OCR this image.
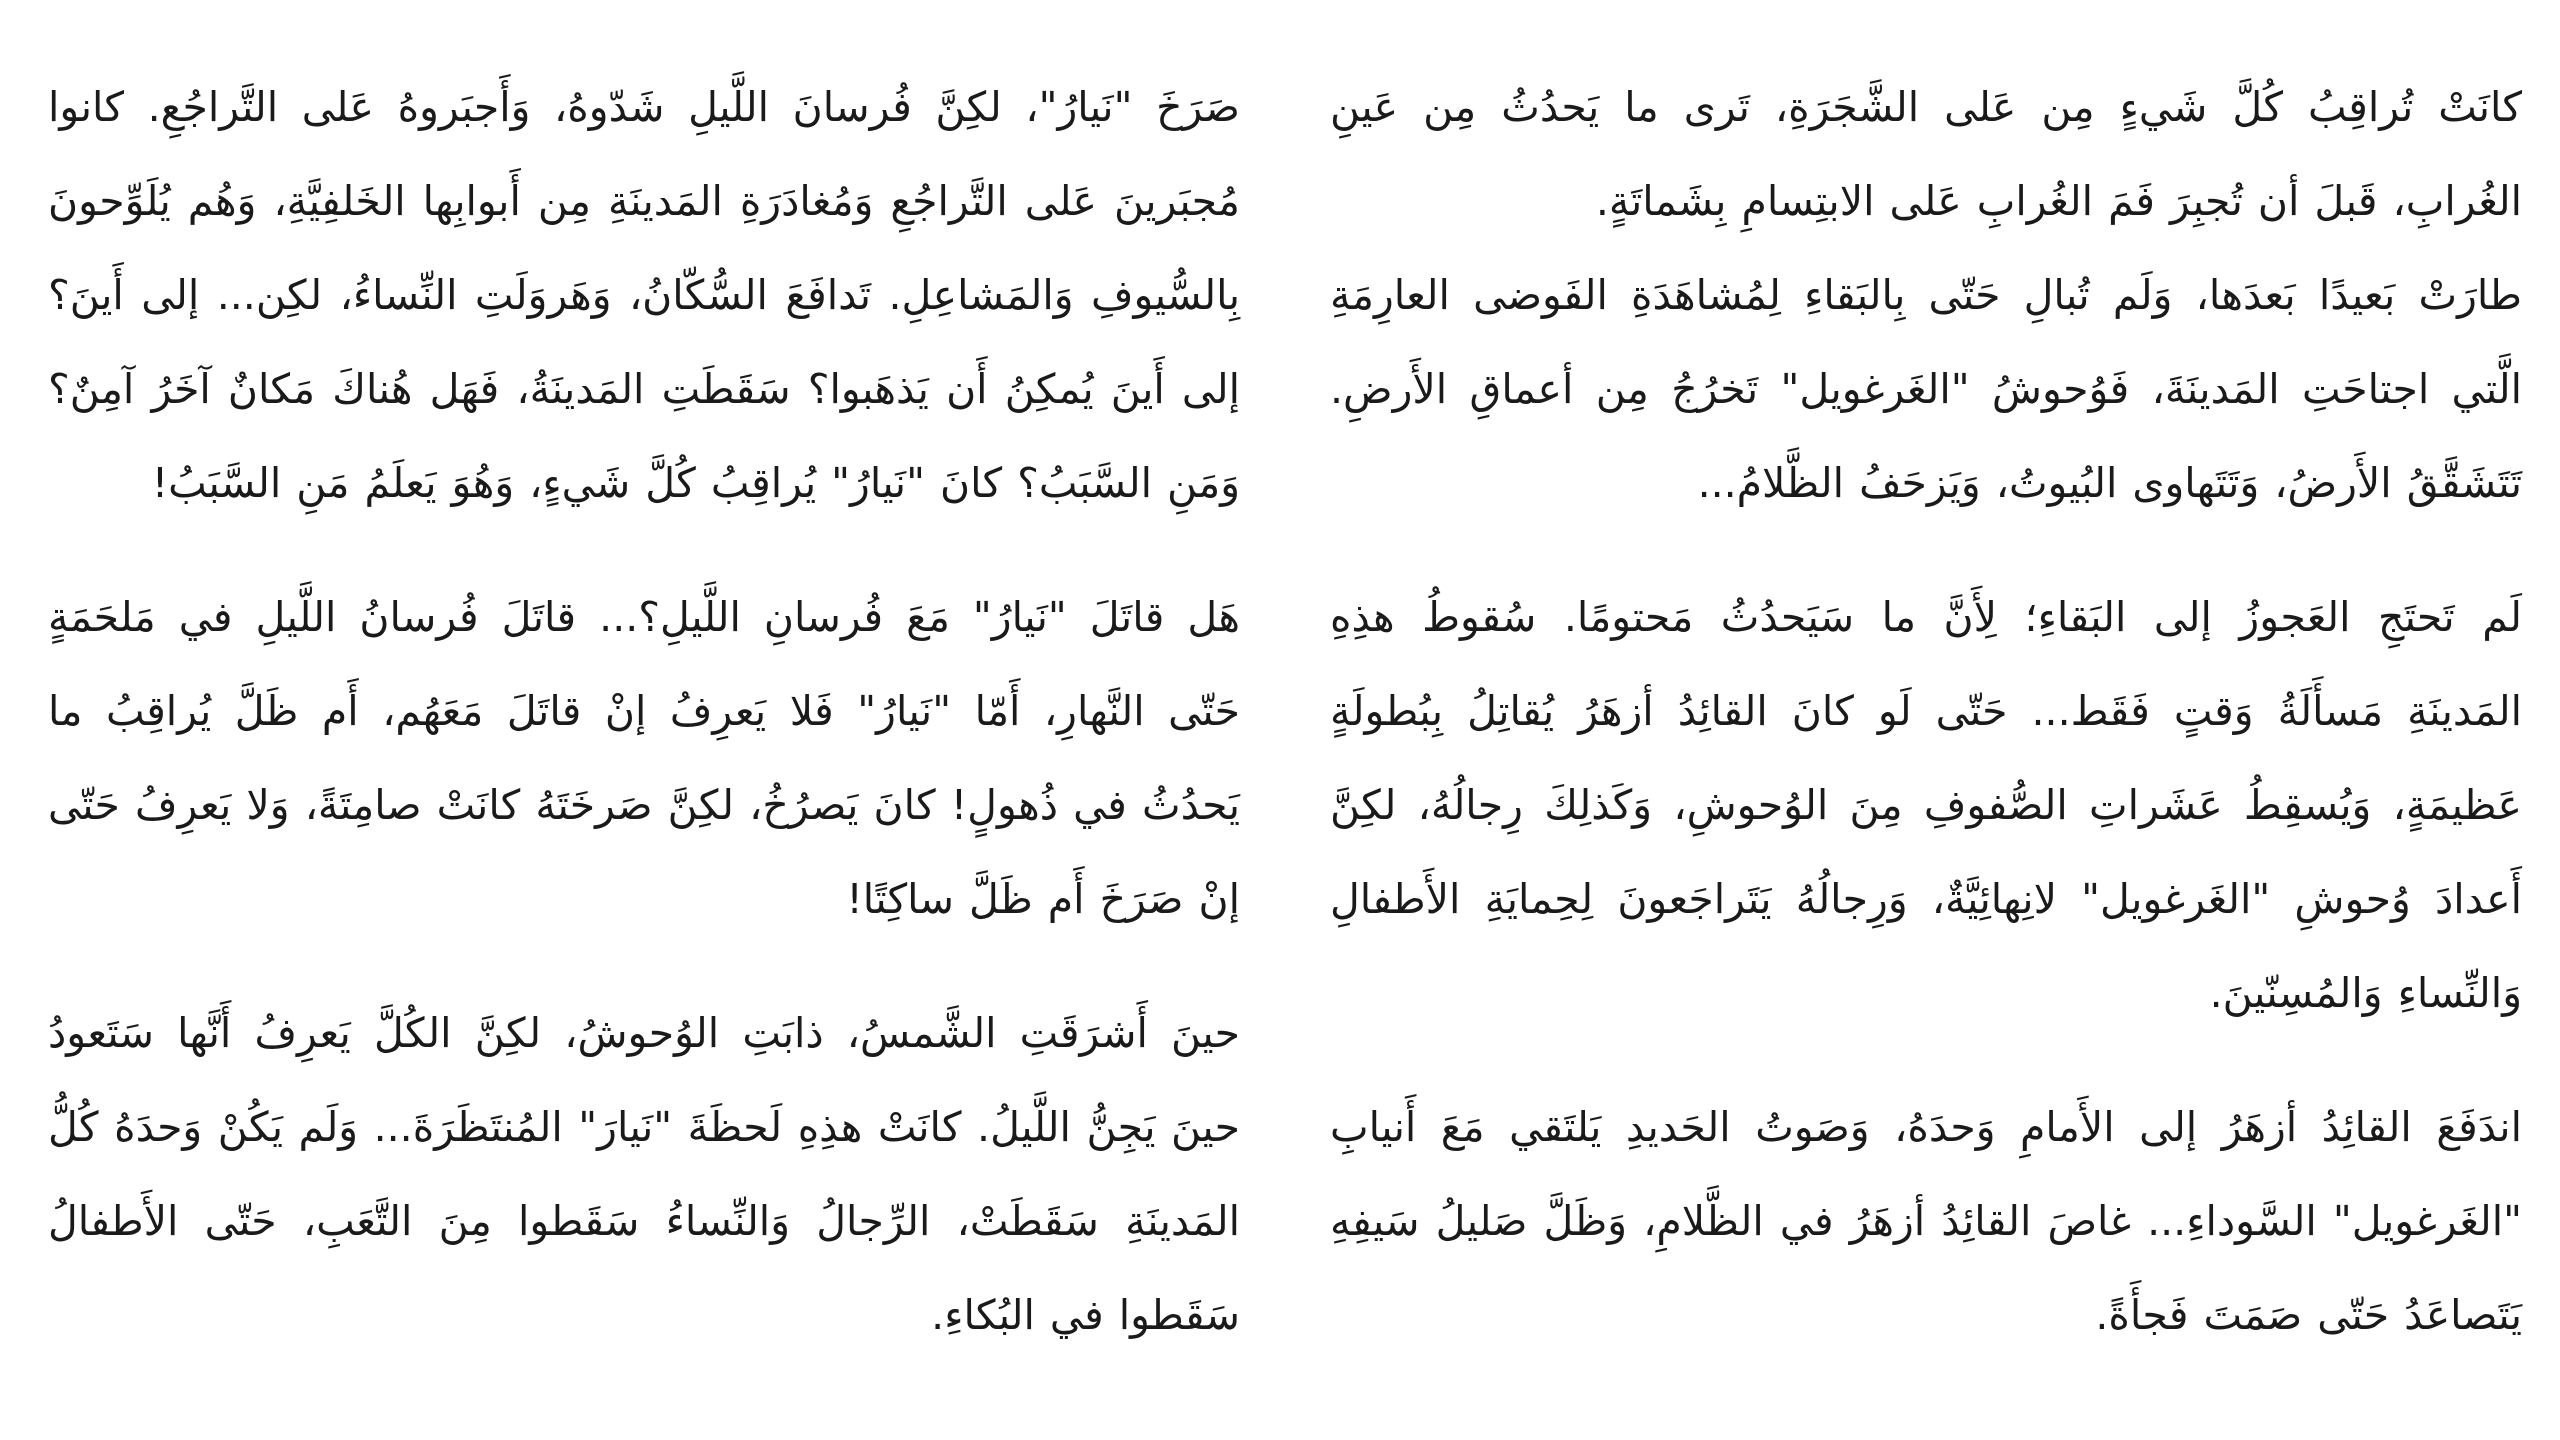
كانَتْ تُراقِبُ كُلَّ شَيءٍ مِن عَلى الشَّجَرَةِ، تَرى ما يَحدُثُ مِن عَينِ الغُرابِ، قَبلَ أن تُجبِرَ فَمَ الغُرابِ عَلى الابتِسامِ بِشَماتَةٍ.

طارَتْ بَعيدًا بَعدَها، وَلَم تُبالِ حَتّى بِالبَقاءِ لِمُشاهَدَةِ الفَوضى العارِمَةِ الَّتي اجتاحَتِ المَدينَةَ، فَوُحوشُ "الغَرغويل" تَخرُجُ مِن أعماقِ الأَرضِ. تَتَشَقَّقُ الأَرضُ، وَتَتَهاوى البُيوتُ، وَيَزحَفُ الظَّلامُ...

لَم تَحتَجِ العَجوزُ إلى البَقاءِ؛ لِأَنَّ ما سَيَحدُثُ مَحتومًا. سُقوطُ هذِهِ المَدينَةِ مَسأَلَةُ وَقتٍ فَقَط... حَتّى لَو كانَ القائِدُ أزهَرُ يُقاتِلُ بِبُطولَةٍ عَظيمَةٍ، وَيُسقِطُ عَشَراتِ الصُّفوفِ مِنَ الوُحوشِ، وَكَذلِكَ رِجالُهُ، لكِنَّ أَعدادَ وُحوشِ "الغَرغويل" لانِهائِيَّةٌ، وَرِجالُهُ يَتَراجَعونَ لِحِمايَةِ الأَطفالِ وَالنِّساءِ وَالمُسِنّينَ.

اندَفَعَ القائِدُ أزهَرُ إلى الأَمامِ وَحدَهُ، وَصَوتُ الحَديدِ يَلتَقي مَعَ أَنيابِ "الغَرغويل" السَّوداءِ... غاصَ القائِدُ أزهَرُ في الظَّلامِ، وَظَلَّ صَليلُ سَيفِهِ يَتَصاعَدُ حَتّى صَمَتَ فَجأَةً.

صَرَخَ "نَيارُ"، لكِنَّ فُرسانَ اللَّيلِ شَدّوهُ، وَأَجبَروهُ عَلى التَّراجُعِ. كانوا مُجبَرينَ عَلى التَّراجُعِ وَمُغادَرَةِ المَدينَةِ مِن أَبوابِها الخَلفِيَّةِ، وَهُم يُلَوِّحونَ بِالسُّيوفِ وَالمَشاعِلِ. تَدافَعَ السُّكّانُ، وَهَروَلَتِ النِّساءُ، لكِن... إلى أَينَ؟ إلى أَينَ يُمكِنُ أَن يَذهَبوا؟ سَقَطَتِ المَدينَةُ، فَهَل هُناكَ مَكانٌ آخَرُ آمِنٌ؟ وَمَنِ السَّبَبُ؟ كانَ "نَيارُ" يُراقِبُ كُلَّ شَيءٍ، وَهُوَ يَعلَمُ مَنِ السَّبَبُ!

هَل قاتَلَ "نَيارُ" مَعَ فُرسانِ اللَّيلِ؟... قاتَلَ فُرسانُ اللَّيلِ في مَلحَمَةٍ حَتّى النَّهارِ، أَمّا "نَيارُ" فَلا يَعرِفُ إنْ قاتَلَ مَعَهُم، أَم ظَلَّ يُراقِبُ ما يَحدُثُ في ذُهولٍ! كانَ يَصرُخُ، لكِنَّ صَرخَتَهُ كانَتْ صامِتَةً، وَلا يَعرِفُ حَتّى إنْ صَرَخَ أَم ظَلَّ ساكِتًا!

حينَ أَشرَقَتِ الشَّمسُ، ذابَتِ الوُحوشُ، لكِنَّ الكُلَّ يَعرِفُ أَنَّها سَتَعودُ حينَ يَجِنُّ اللَّيلُ. كانَتْ هذِهِ لَحظَةَ "نَيارَ" المُنتَظَرَةَ... وَلَم يَكُنْ وَحدَهُ كُلُّ المَدينَةِ سَقَطَتْ، الرِّجالُ وَالنِّساءُ سَقَطوا مِنَ التَّعَبِ، حَتّى الأَطفالُ سَقَطوا في البُكاءِ.
